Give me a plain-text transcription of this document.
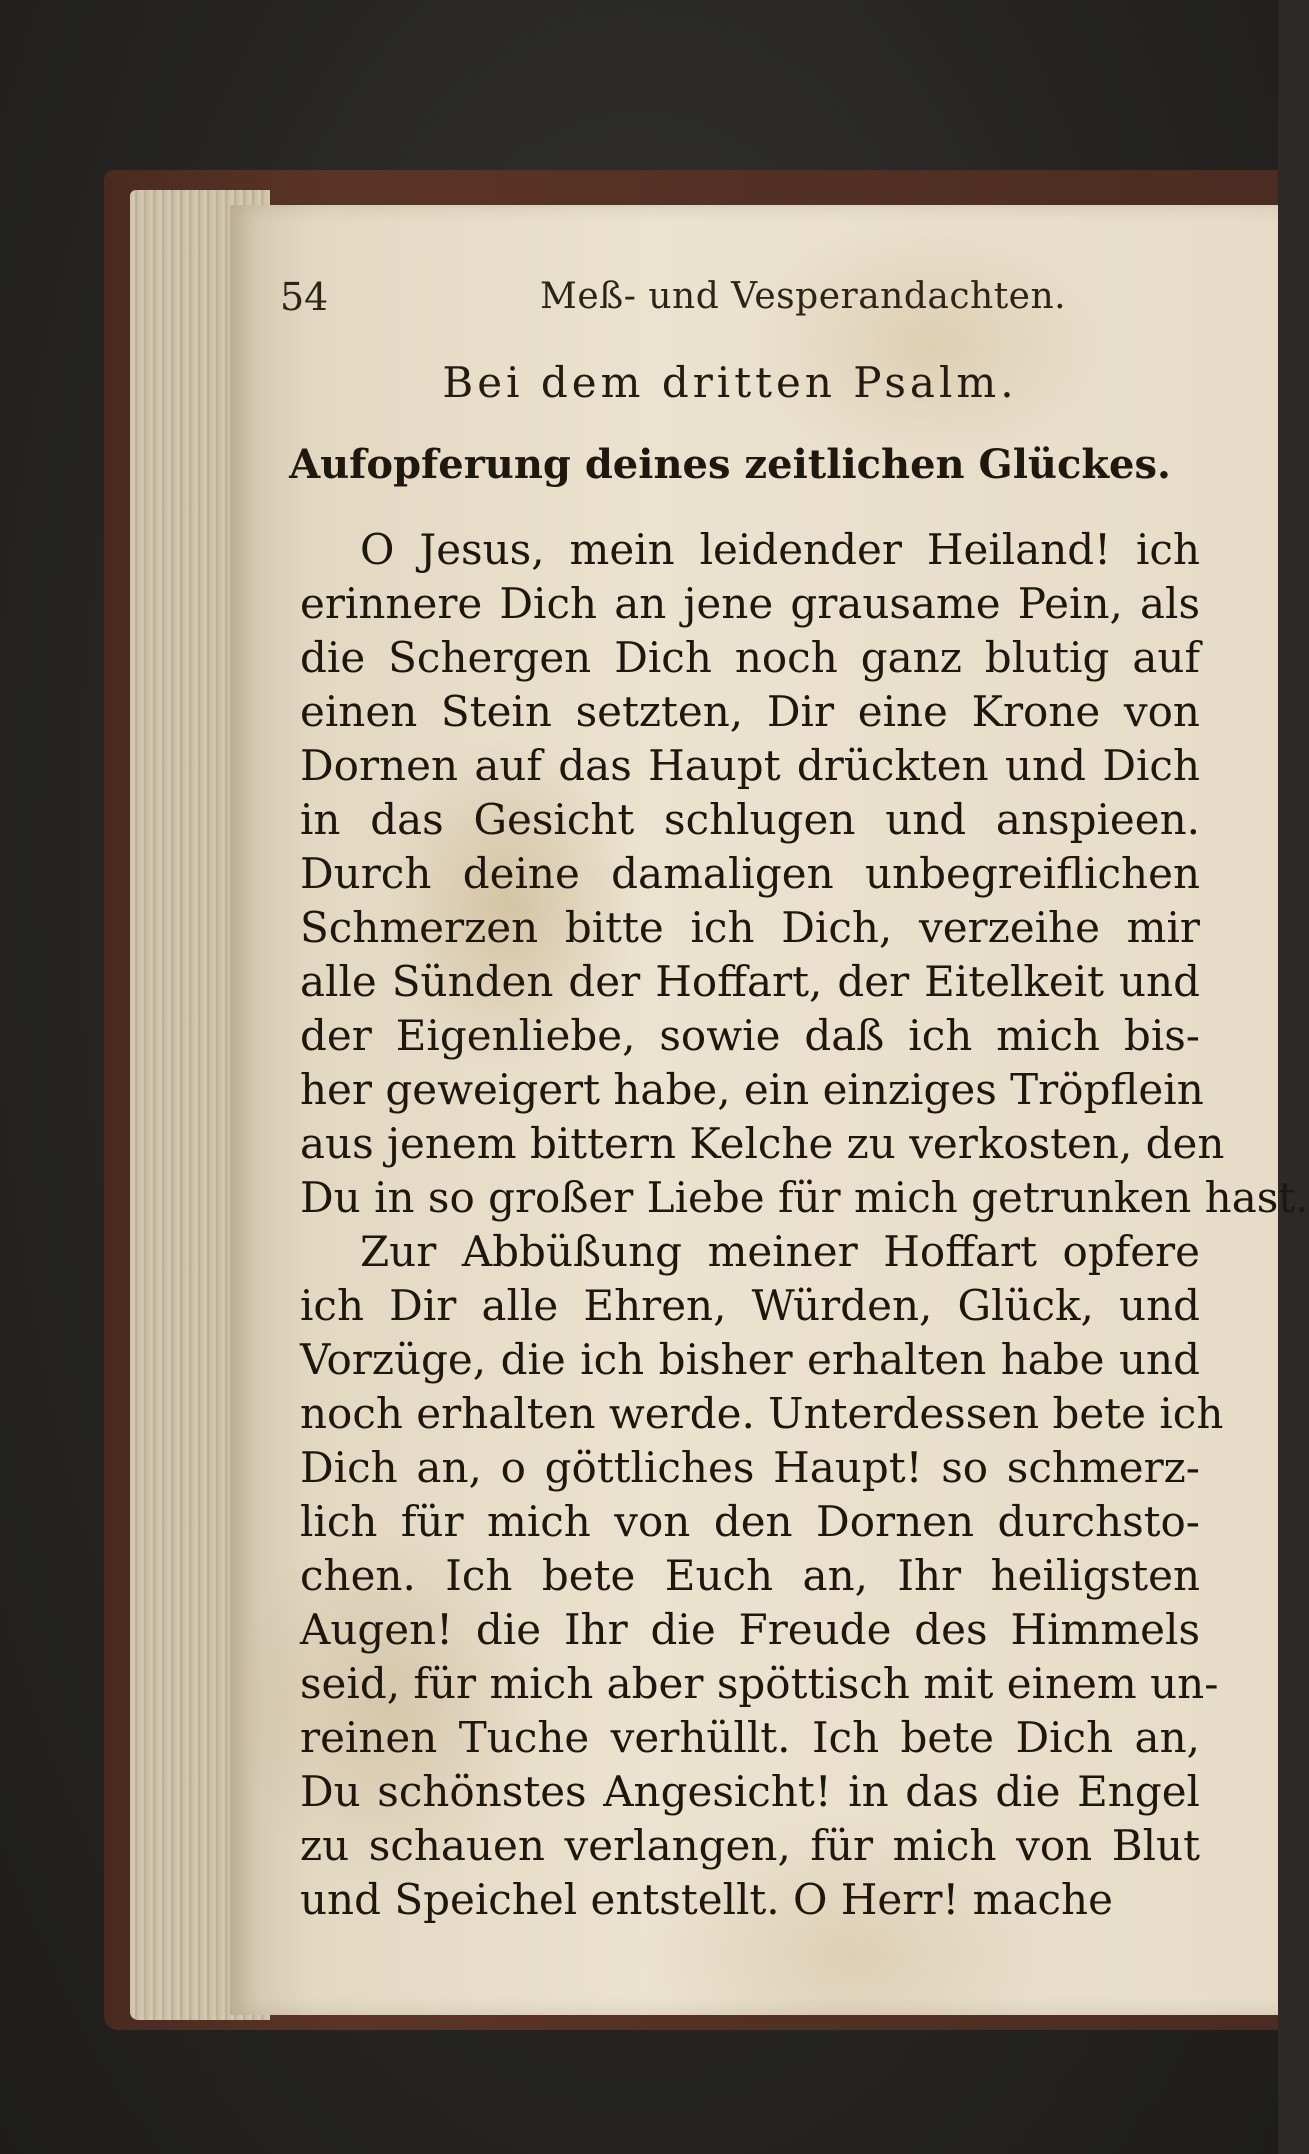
54	Meß- und Vesperandachten.
Bei dem dritten Psalm.
Aufopferung deines zeitlichen Glückes.
O Jesus, mein leidender Heiland! ich
erinnere Dich an jene grausame Pein, als
die Schergen Dich noch ganz blutig auf
einen Stein setzten, Dir eine Krone von
Dornen auf das Haupt drückten und Dich
in das Gesicht schlugen und anspieen.
Durch deine damaligen unbegreiflichen
Schmerzen bitte ich Dich, verzeihe mir
alle Sünden der Hoffart, der Eitelkeit und
der Eigenliebe, sowie daß ich mich bis-
her geweigert habe, ein einziges Tröpflein
aus jenem bittern Kelche zu verkosten, den
Du in so großer Liebe für mich getrunken hast.
Zur Abbüßung meiner Hoffart opfere
ich Dir alle Ehren, Würden, Glück, und
Vorzüge, die ich bisher erhalten habe und
noch erhalten werde. Unterdessen bete ich
Dich an, o göttliches Haupt! so schmerz-
lich für mich von den Dornen durchsto-
chen. Ich bete Euch an, Ihr heiligsten
Augen! die Ihr die Freude des Himmels
seid, für mich aber spöttisch mit einem un-
reinen Tuche verhüllt. Ich bete Dich an,
Du schönstes Angesicht! in das die Engel
zu schauen verlangen, für mich von Blut
und Speichel entstellt. O Herr! mache
